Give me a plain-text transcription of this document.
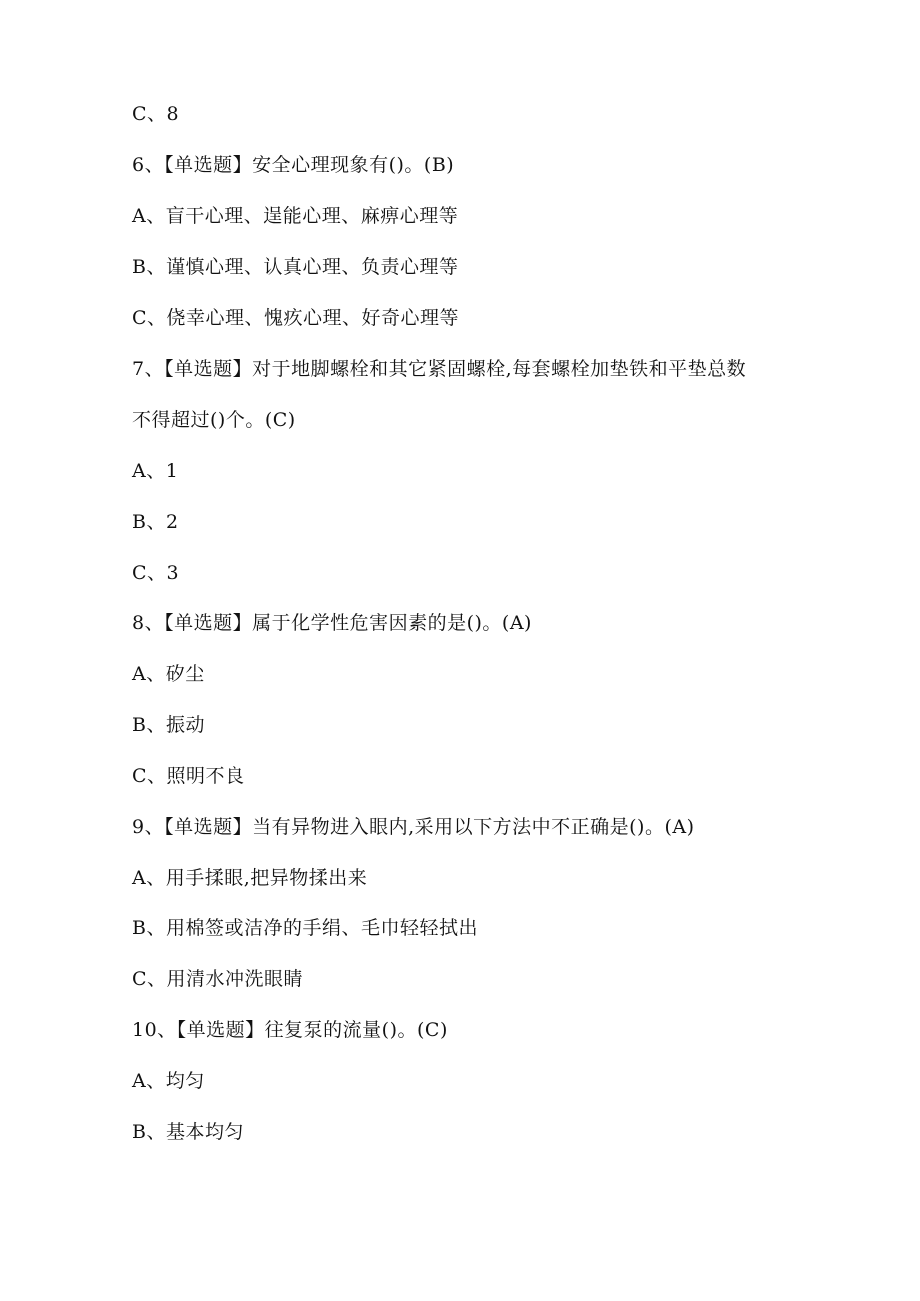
C、8
6、【单选题】安全心理现象有()。(B)
A、盲干心理、逞能心理、麻痹心理等
B、谨慎心理、认真心理、负责心理等
C、侥幸心理、愧疚心理、好奇心理等
7、【单选题】对于地脚螺栓和其它紧固螺栓,每套螺栓加垫铁和平垫总数
不得超过()个。(C)
A、1
B、2
C、3
8、【单选题】属于化学性危害因素的是()。(A)
A、矽尘
B、振动
C、照明不良
9、【单选题】当有异物进入眼内,采用以下方法中不正确是()。(A)
A、用手揉眼,把异物揉出来
B、用棉签或洁净的手绢、毛巾轻轻拭出
C、用清水冲洗眼睛
10、【单选题】往复泵的流量()。(C)
A、均匀
B、基本均匀
